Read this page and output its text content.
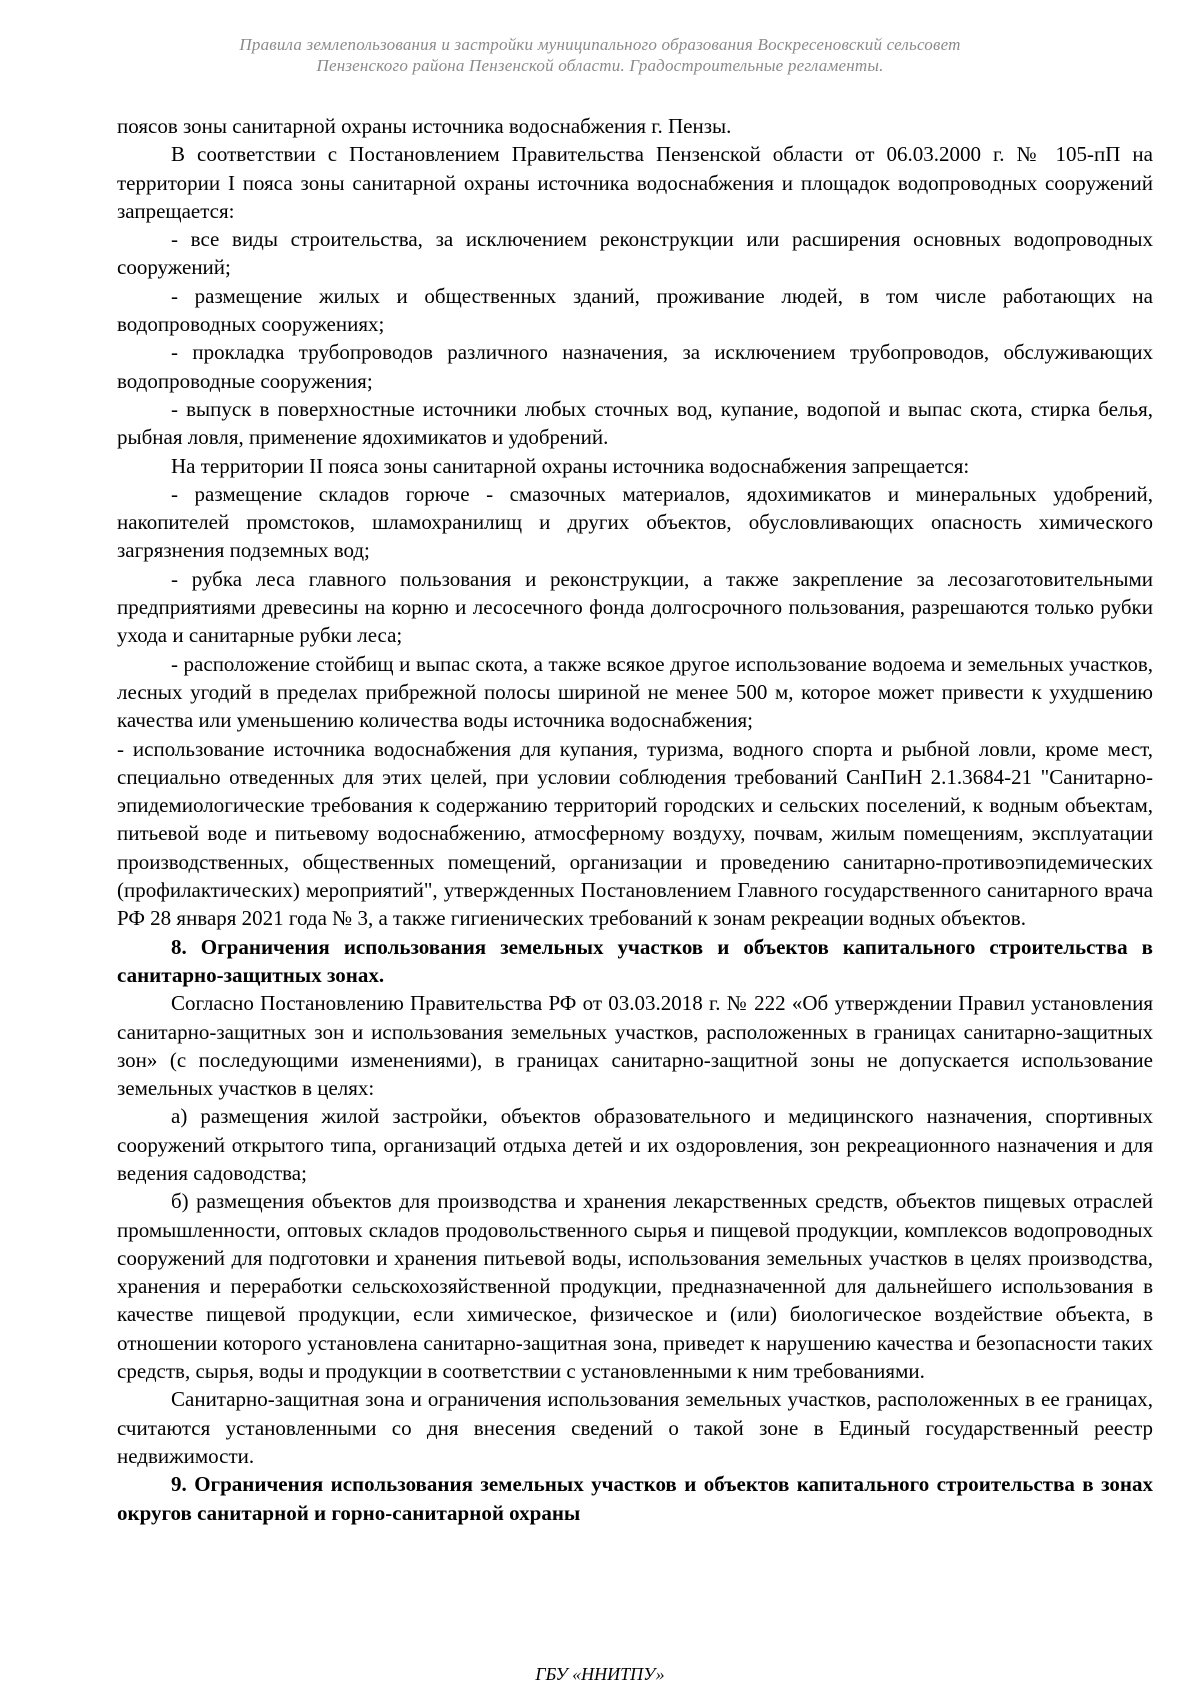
Правила землепользования и застройки муниципального образования Воскресеновский сельсовет
Пензенского района Пензенской области. Градостроительные регламенты.

поясов зоны санитарной охраны источника водоснабжения г. Пензы.

В соответствии с Постановлением Правительства Пензенской области от 06.03.2000 г. № 105-пП на территории I пояса зоны санитарной охраны источника водоснабжения и площадок водопроводных сооружений запрещается:

- все виды строительства, за исключением реконструкции или расширения основных водопроводных сооружений;

- размещение жилых и общественных зданий, проживание людей, в том числе работающих на водопроводных сооружениях;

- прокладка трубопроводов различного назначения, за исключением трубопроводов, обслуживающих водопроводные сооружения;

- выпуск в поверхностные источники любых сточных вод, купание, водопой и выпас скота, стирка белья, рыбная ловля, применение ядохимикатов и удобрений.

На территории II пояса зоны санитарной охраны источника водоснабжения запрещается:

- размещение складов горюче - смазочных материалов, ядохимикатов и минеральных удобрений, накопителей промстоков, шламохранилищ и других объектов, обусловливающих опасность химического загрязнения подземных вод;

- рубка леса главного пользования и реконструкции, а также закрепление за лесозаготовительными предприятиями древесины на корню и лесосечного фонда долгосрочного пользования, разрешаются только рубки ухода и санитарные рубки леса;

- расположение стойбищ и выпас скота, а также всякое другое использование водоема и земельных участков, лесных угодий в пределах прибрежной полосы шириной не менее 500 м, которое может привести к ухудшению качества или уменьшению количества воды источника водоснабжения;

- использование источника водоснабжения для купания, туризма, водного спорта и рыбной ловли, кроме мест, специально отведенных для этих целей, при условии соблюдения требований СанПиН 2.1.3684-21 "Санитарно-эпидемиологические требования к содержанию территорий городских и сельских поселений, к водным объектам, питьевой воде и питьевому водоснабжению, атмосферному воздуху, почвам, жилым помещениям, эксплуатации производственных, общественных помещений, организации и проведению санитарно-противоэпидемических (профилактических) мероприятий", утвержденных Постановлением Главного государственного санитарного врача РФ 28 января 2021 года № 3, а также гигиенических требований к зонам рекреации водных объектов.

8. Ограничения использования земельных участков и объектов капитального строительства в санитарно-защитных зонах.

Согласно Постановлению Правительства РФ от 03.03.2018 г. № 222 «Об утверждении Правил установления санитарно-защитных зон и использования земельных участков, расположенных в границах санитарно-защитных зон» (с последующими изменениями), в границах санитарно-защитной зоны не допускается использование земельных участков в целях:

а) размещения жилой застройки, объектов образовательного и медицинского назначения, спортивных сооружений открытого типа, организаций отдыха детей и их оздоровления, зон рекреационного назначения и для ведения садоводства;

б) размещения объектов для производства и хранения лекарственных средств, объектов пищевых отраслей промышленности, оптовых складов продовольственного сырья и пищевой продукции, комплексов водопроводных сооружений для подготовки и хранения питьевой воды, использования земельных участков в целях производства, хранения и переработки сельскохозяйственной продукции, предназначенной для дальнейшего использования в качестве пищевой продукции, если химическое, физическое и (или) биологическое воздействие объекта, в отношении которого установлена санитарно-защитная зона, приведет к нарушению качества и безопасности таких средств, сырья, воды и продукции в соответствии с установленными к ним требованиями.

Санитарно-защитная зона и ограничения использования земельных участков, расположенных в ее границах, считаются установленными со дня внесения сведений о такой зоне в Единый государственный реестр недвижимости.

9. Ограничения использования земельных участков и объектов капитального строительства в зонах округов санитарной и горно-санитарной охраны

ГБУ «ННИТПУ»
